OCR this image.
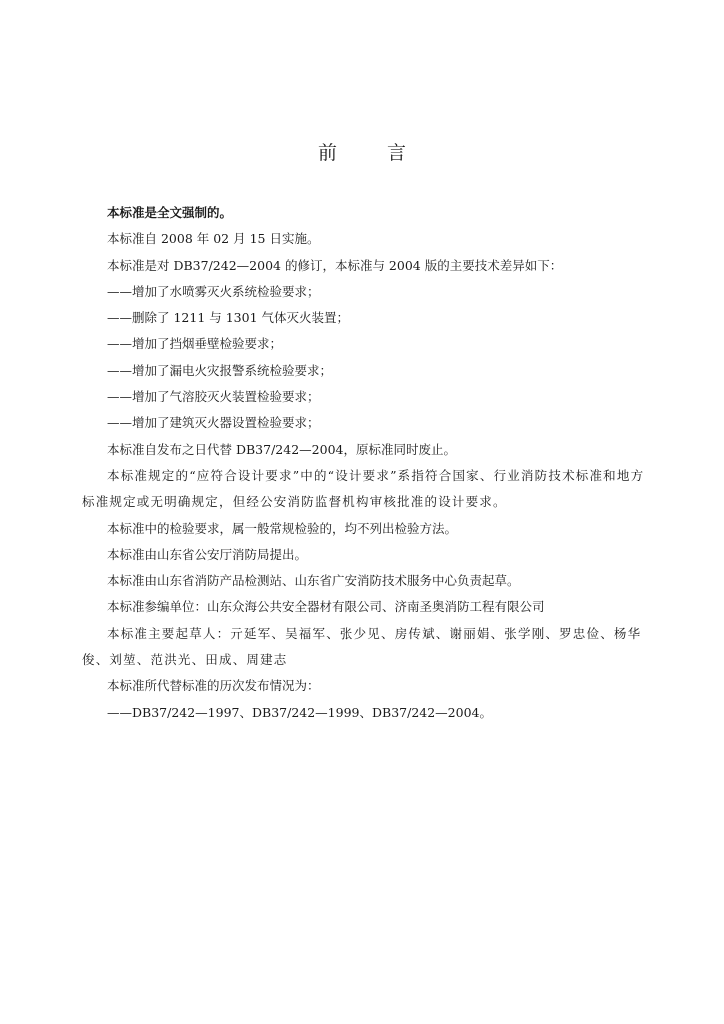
前 言

本标准是全文强制的。

本标准自 2008 年 02 月 15 日实施。

本标准是对 DB37/242—2004 的修订，本标准与 2004 版的主要技术差异如下：

——增加了水喷雾灭火系统检验要求；

——删除了 1211 与 1301 气体灭火装置；

——增加了挡烟垂壁检验要求；

——增加了漏电火灾报警系统检验要求；

——增加了气溶胶灭火装置检验要求；

——增加了建筑灭火器设置检验要求；

本标准自发布之日代替 DB37/242—2004，原标准同时废止。

本标准规定的“应符合设计要求”中的“设计要求”系指符合国家、行业消防技术标准和地方标准规定或无明确规定，但经公安消防监督机构审核批准的设计要求。

本标准中的检验要求，属一般常规检验的，均不列出检验方法。

本标准由山东省公安厅消防局提出。

本标准由山东省消防产品检测站、山东省广安消防技术服务中心负责起草。

本标准参编单位：山东众海公共安全器材有限公司、济南圣奥消防工程有限公司

本标准主要起草人：亓延军、吴福军、张少见、房传斌、谢丽娟、张学刚、罗忠俭、杨华俊、刘堃、范洪光、田成、周建志

本标准所代替标准的历次发布情况为：

——DB37/242—1997、DB37/242—1999、DB37/242—2004。
